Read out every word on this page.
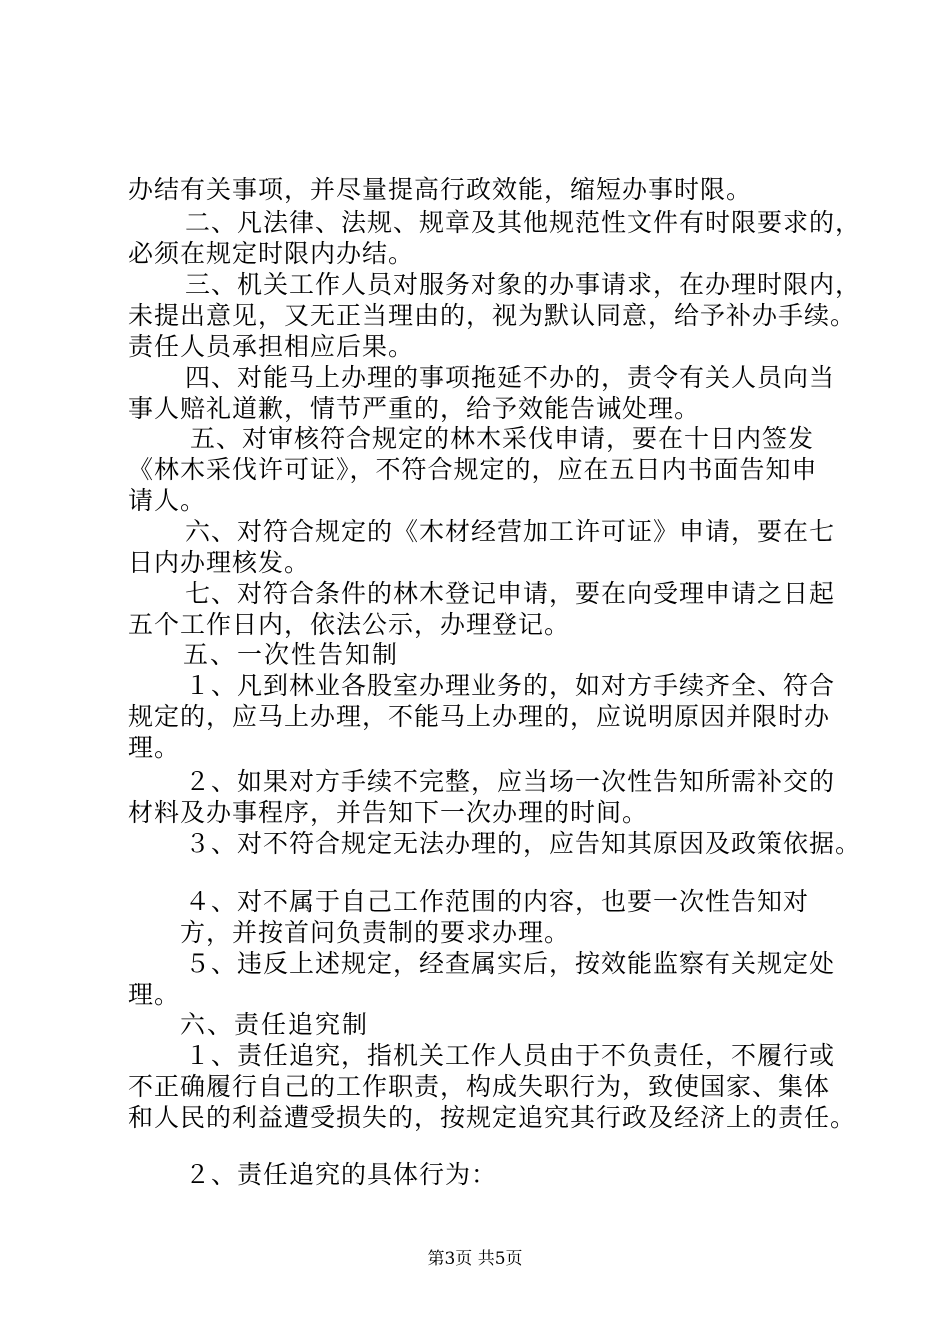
办结有关事项，并尽量提高行政效能，缩短办事时限。
二、凡法律、法规、规章及其他规范性文件有时限要求的，
必须在规定时限内办结。
三、机关工作人员对服务对象的办事请求，在办理时限内，
未提出意见，又无正当理由的，视为默认同意，给予补办手续。
责任人员承担相应后果。
四、对能马上办理的事项拖延不办的，责令有关人员向当
事人赔礼道歉，情节严重的，给予效能告诫处理。
五、对审核符合规定的林木采伐申请，要在十日内签发
《林木采伐许可证》，不符合规定的，应在五日内书面告知申
请人。
六、对符合规定的《木材经营加工许可证》申请，要在七
日内办理核发。
七、对符合条件的林木登记申请，要在向受理申请之日起
五个工作日内，依法公示，办理登记。
五、一次性告知制
１、凡到林业各股室办理业务的，如对方手续齐全、符合
规定的，应马上办理，不能马上办理的，应说明原因并限时办
理。
２、如果对方手续不完整，应当场一次性告知所需补交的
材料及办事程序，并告知下一次办理的时间。
３、对不符合规定无法办理的，应告知其原因及政策依据。
４、对不属于自己工作范围的内容，也要一次性告知对
方，并按首问负责制的要求办理。
５、违反上述规定，经查属实后，按效能监察有关规定处
理。
六、责任追究制
１、责任追究，指机关工作人员由于不负责任，不履行或
不正确履行自己的工作职责，构成失职行为，致使国家、集体
和人民的利益遭受损失的，按规定追究其行政及经济上的责任。
２、责任追究的具体行为：
第3页 共5页
